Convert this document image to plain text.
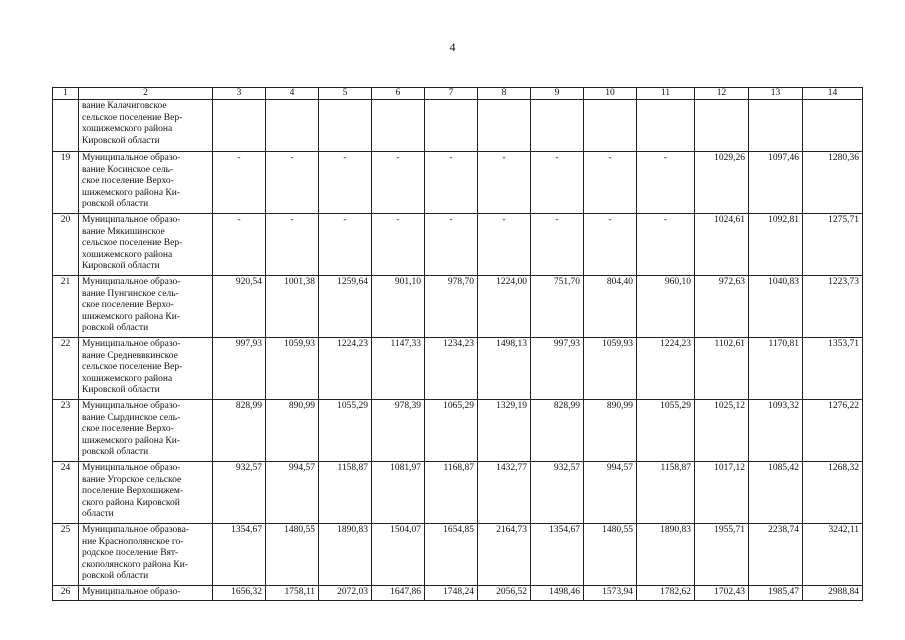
4
1	2	3	4	5	6	7	8	9	10	11	12	13	14
	вание Калачиговское
сельское поселение Вер-
хошижемского района
Кировской области												
19	Муниципальное образо-
вание Косинское сель-
ское поселение Верхо-
шижемского района Ки-
ровской области	-	-	-	-	-	-	-	-	-	1029,26	1097,46	1280,36
20	Муниципальное образо-
вание Мякишинское
сельское поселение Вер-
хошижемского района
Кировской области	-	-	-	-	-	-	-	-	-	1024,61	1092,81	1275,71
21	Муниципальное образо-
вание Пунгинское сель-
ское поселение Верхо-
шижемского района Ки-
ровской области	920,54	1001,38	1259,64	901,10	978,70	1224,00	751,70	804,40	960,10	972,63	1040,83	1223,73
22	Муниципальное образо-
вание Средневвкинское
сельское поселение Вер-
хошижемского района
Кировской области	997,93	1059,93	1224,23	1147,33	1234,23	1498,13	997,93	1059,93	1224,23	1102,61	1170,81	1353,71
23	Муниципальное образо-
вание Сырдинское сель-
ское поселение Верхо-
шижемского района Ки-
ровской области	828,99	890,99	1055,29	978,39	1065,29	1329,19	828,99	890,99	1055,29	1025,12	1093,32	1276,22
24	Муниципальное образо-
вание Угорское сельское
поселение Верхошижем-
ского района Кировской
области	932,57	994,57	1158,87	1081,97	1168,87	1432,77	932,57	994,57	1158,87	1017,12	1085,42	1268,32
25	Муниципальное образова-
ние Краснополянское го-
родское поселение Вят-
скополянского района Ки-
ровской области	1354,67	1480,55	1890,83	1504,07	1654,85	2164,73	1354,67	1480,55	1890,83	1955,71	2238,74	3242,11
26	Муниципальное образо-	1656,32	1758,11	2072,03	1647,86	1748,24	2056,52	1498,46	1573,94	1782,62	1702,43	1985,47	2988,84
